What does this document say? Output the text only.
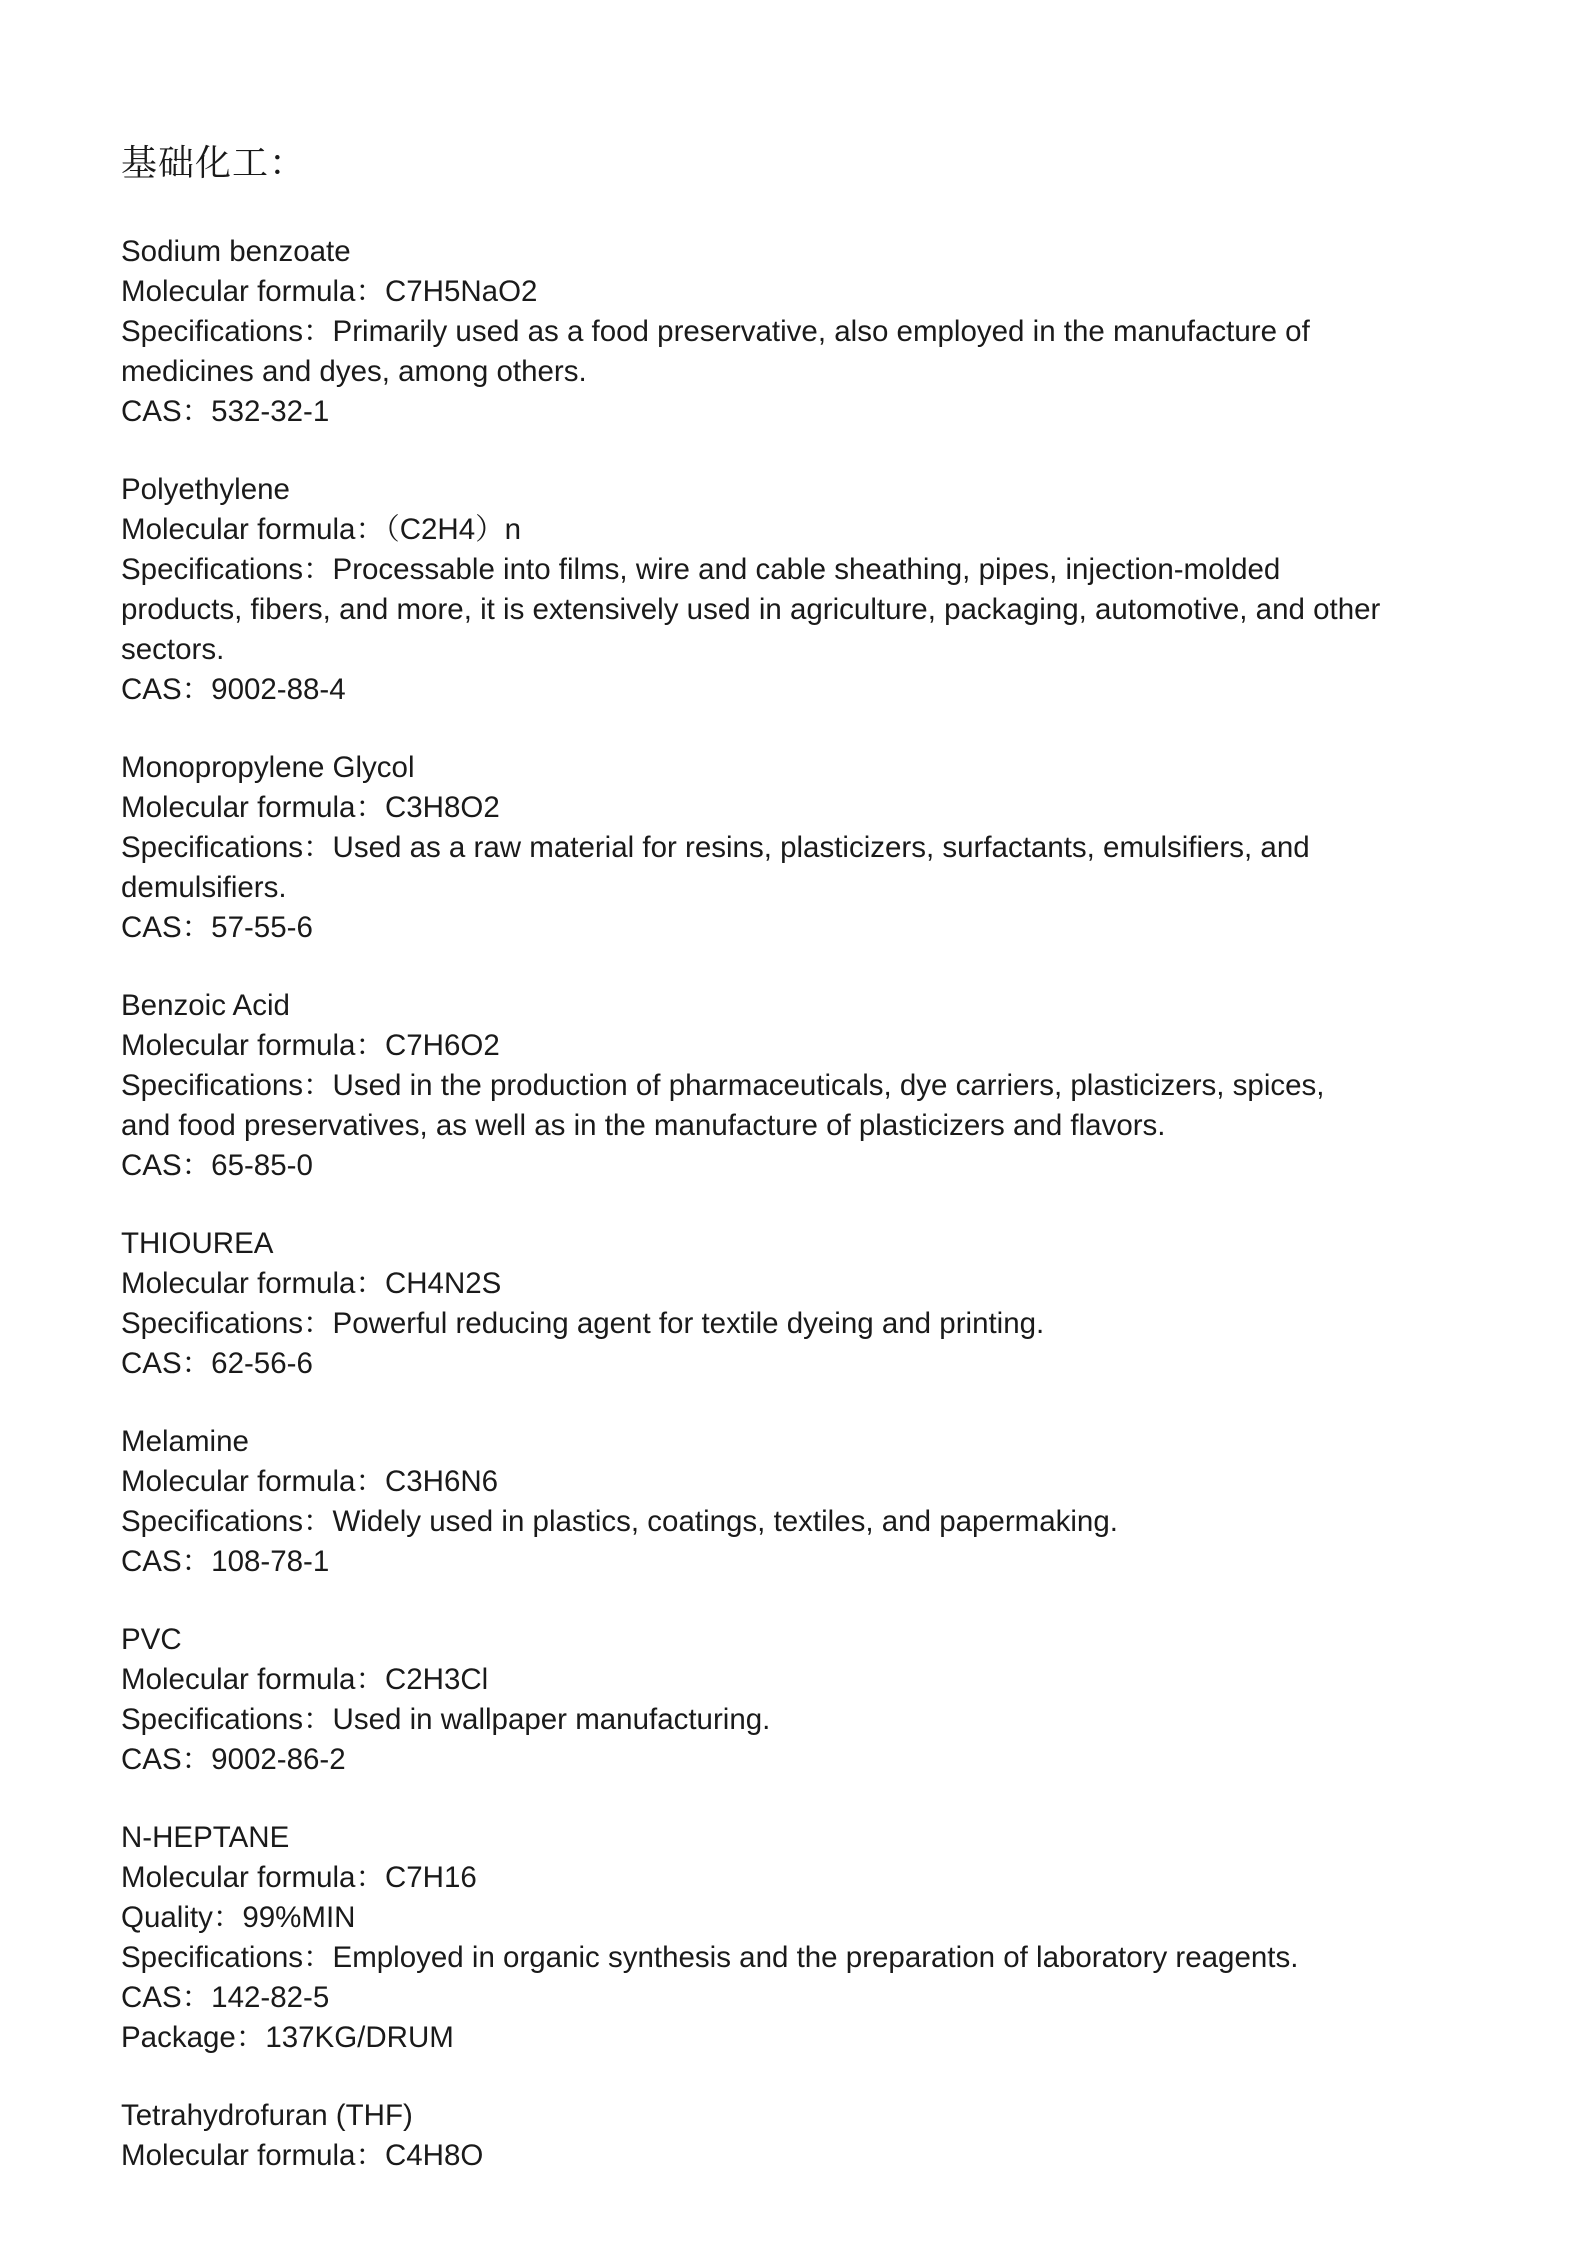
基础化工：

Sodium benzoate

Molecular formula：C7H5NaO2

Specifications：Primarily used as a food preservative, also employed in the manufacture of medicines and dyes, among others.

CAS：532-32-1

Polyethylene

Molecular formula：（C2H4）n

Specifications：Processable into films, wire and cable sheathing, pipes, injection-molded products, fibers, and more, it is extensively used in agriculture, packaging, automotive, and other sectors.

CAS：9002-88-4

Monopropylene Glycol

Molecular formula：C3H8O2

Specifications：Used as a raw material for resins, plasticizers, surfactants, emulsifiers, and demulsifiers.

CAS：57-55-6

Benzoic Acid

Molecular formula：C7H6O2

Specifications：Used in the production of pharmaceuticals, dye carriers, plasticizers, spices, and food preservatives, as well as in the manufacture of plasticizers and flavors.

CAS：65-85-0

THIOUREA

Molecular formula：CH4N2S

Specifications：Powerful reducing agent for textile dyeing and printing.

CAS：62-56-6

Melamine

Molecular formula：C3H6N6

Specifications：Widely used in plastics, coatings, textiles, and papermaking.

CAS：108-78-1

PVC

Molecular formula：C2H3Cl

Specifications：Used in wallpaper manufacturing.

CAS：9002-86-2

N-HEPTANE

Molecular formula：C7H16

Quality：99%MIN

Specifications：Employed in organic synthesis and the preparation of laboratory reagents.

CAS：142-82-5

Package：137KG/DRUM

Tetrahydrofuran (THF)

Molecular formula：C4H8O
